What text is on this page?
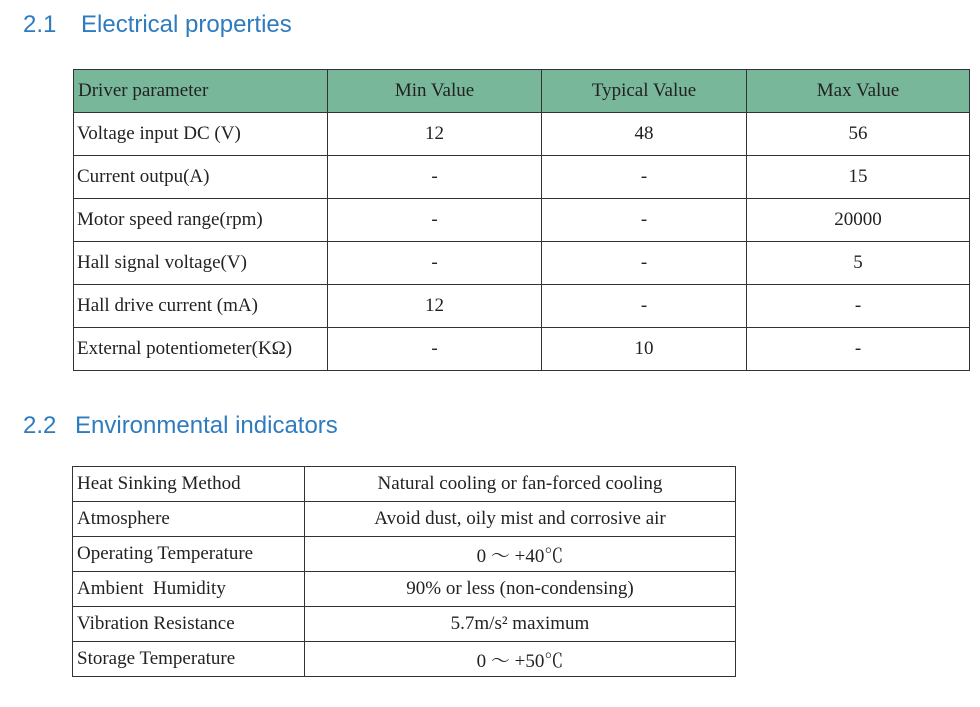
2.1 Electrical properties
Driver parameter	Min Value	Typical Value	Max Value
Voltage input DC (V)	12	48	56
Current outpu(A)	-	-	15
Motor speed range(rpm)	-	-	20000
Hall signal voltage(V)	-	-	5
Hall drive current (mA)	12	-	-
External potentiometer(KΩ)	-	10	-
2.2 Environmental indicators
Heat Sinking Method	Natural cooling or fan-forced cooling
Atmosphere	Avoid dust, oily mist and corrosive air
Operating Temperature	0 ～ +40℃
Ambient  Humidity	90% or less (non-condensing)
Vibration Resistance	5.7m/s² maximum
Storage Temperature	0 ～ +50℃
